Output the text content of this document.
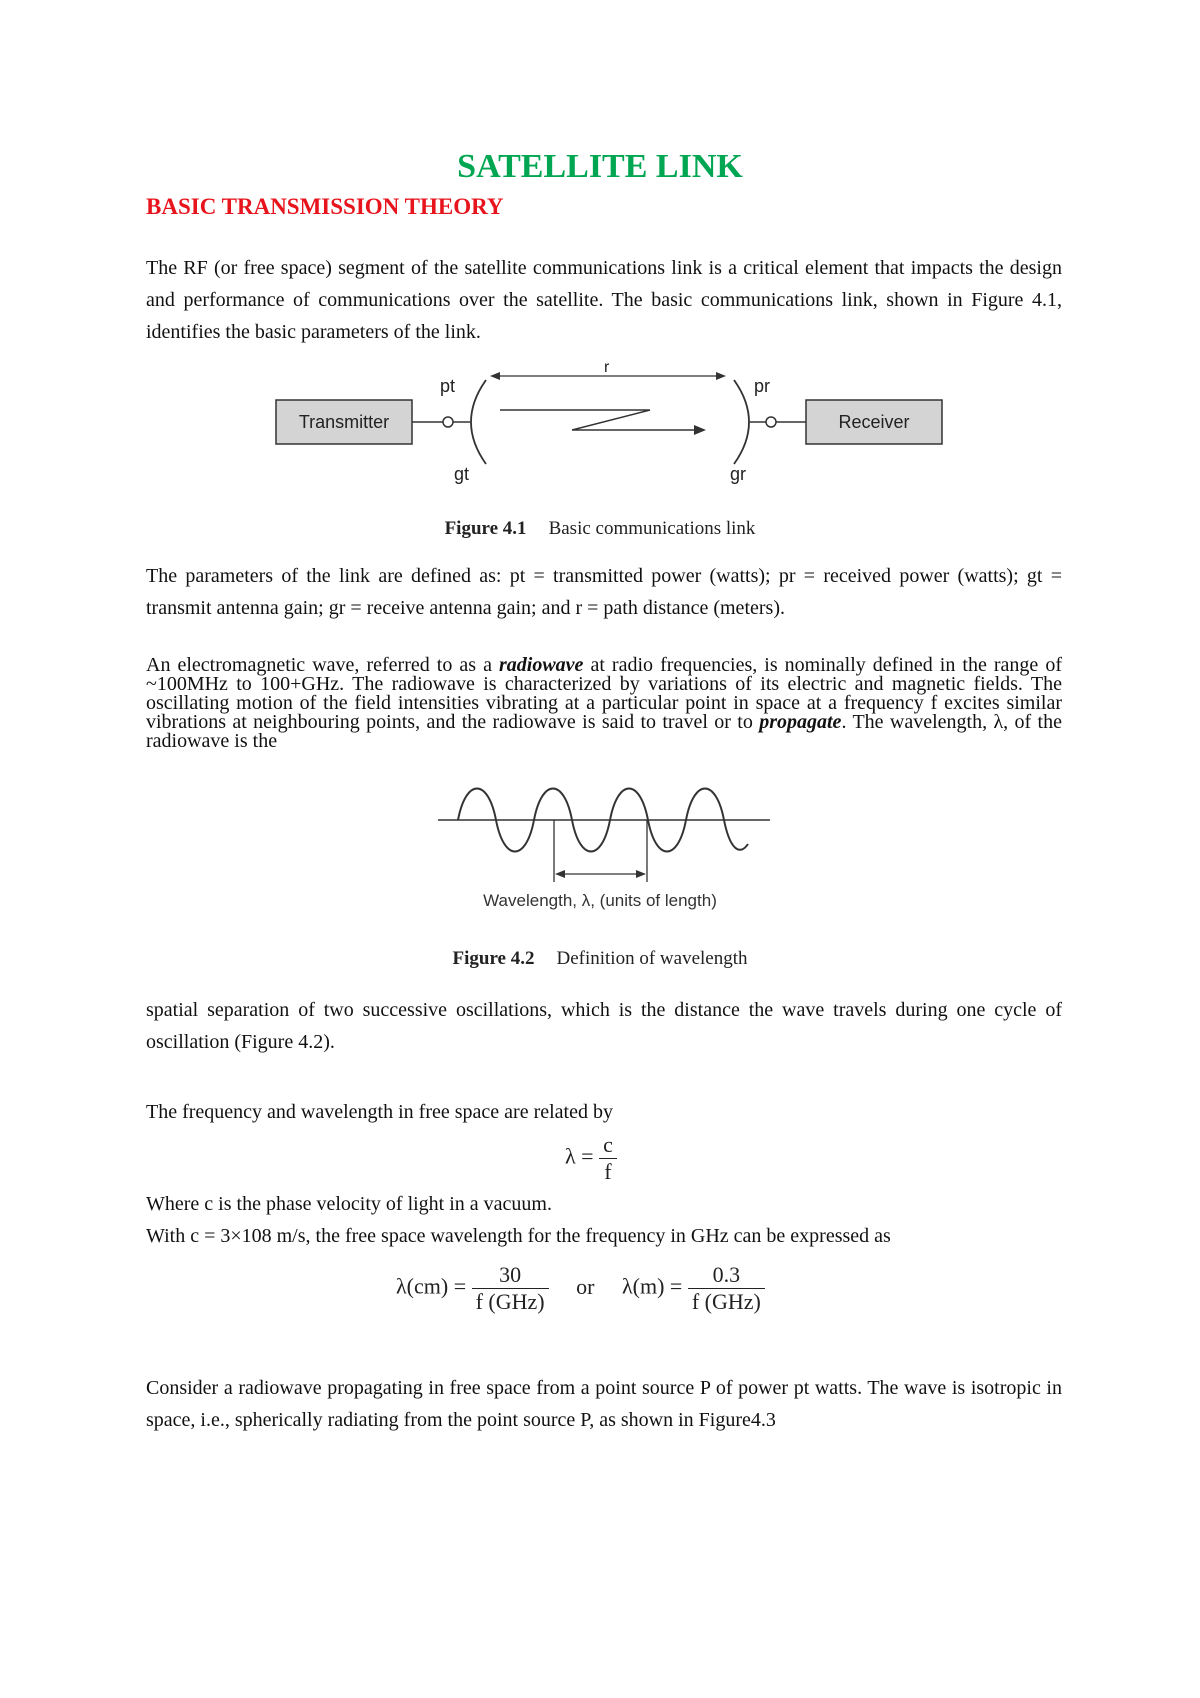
SATELLITE LINK
BASIC TRANSMISSION THEORY
The RF (or free space) segment of the satellite communications link is a critical element that impacts the design and performance of communications over the satellite. The basic communications link, shown in Figure 4.1, identifies the basic parameters of the link.
Transmitter
pt
gt
r
gr
pr
Receiver
Figure 4.1 Basic communications link
The parameters of the link are defined as: pt = transmitted power (watts); pr = received power (watts); gt = transmit antenna gain; gr = receive antenna gain; and r = path distance (meters).
An electromagnetic wave, referred to as a radiowave at radio frequencies, is nominally defined in the range of ~100MHz to 100+GHz. The radiowave is characterized by variations of its electric and magnetic fields. The oscillating motion of the field intensities vibrating at a particular point in space at a frequency f excites similar vibrations at neighbouring points, and the radiowave is said to travel or to propagate. The wavelength, λ, of the radiowave is the
Wavelength, λ, (units of length)
Figure 4.2 Definition of wavelength
spatial separation of two successive oscillations, which is the distance the wave travels during one cycle of oscillation (Figure 4.2).
The frequency and wavelength in free space are related by
$\lambda = \frac{c}{f}$
Where c is the phase velocity of light in a vacuum.
With c = 3×108 m/s, the free space wavelength for the frequency in GHz can be expressed as
$\lambda(cm) = \frac{30}{\text{f (GHz)}}$ or $\lambda(m) = \frac{0.3}{\text{f (GHz)}}$
Consider a radiowave propagating in free space from a point source P of power pt watts. The wave is isotropic in space, i.e., spherically radiating from the point source P, as shown in Figure4.3
